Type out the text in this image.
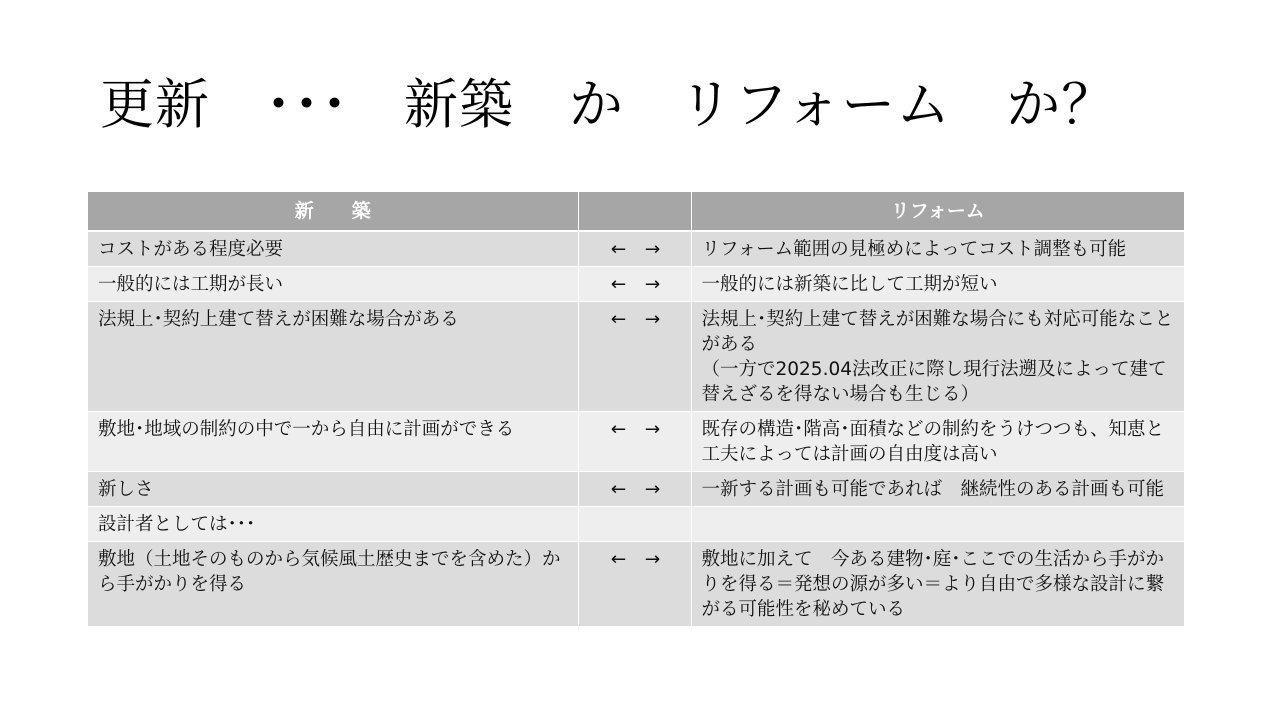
更新　･･･　新築　か　リフォーム　か？
新　　築		リフォーム

コストがある程度必要	←　→	リフォーム範囲の見極めによってコスト調整も可能

一般的には工期が長い	←　→	一般的には新築に比して工期が短い

法規上･契約上建て替えが困難な場合がある	←　→	法規上･契約上建て替えが困難な場合にも対応可能なことがある
（一方で2025.04法改正に際し現行法遡及によって建て替えざるを得ない場合も生じる）

敷地･地域の制約の中で一から自由に計画ができる	←　→	既存の構造･階高･面積などの制約をうけつつも、知恵と工夫によっては計画の自由度は高い

新しさ	←　→	一新する計画も可能であれば　継続性のある計画も可能

設計者としては･･･		

敷地（土地そのものから気候風土歴史までを含めた）から手がかりを得る	←　→	敷地に加えて　今ある建物･庭･ここでの生活から手がかりを得る＝発想の源が多い＝より自由で多様な設計に繋がる可能性を秘めている
